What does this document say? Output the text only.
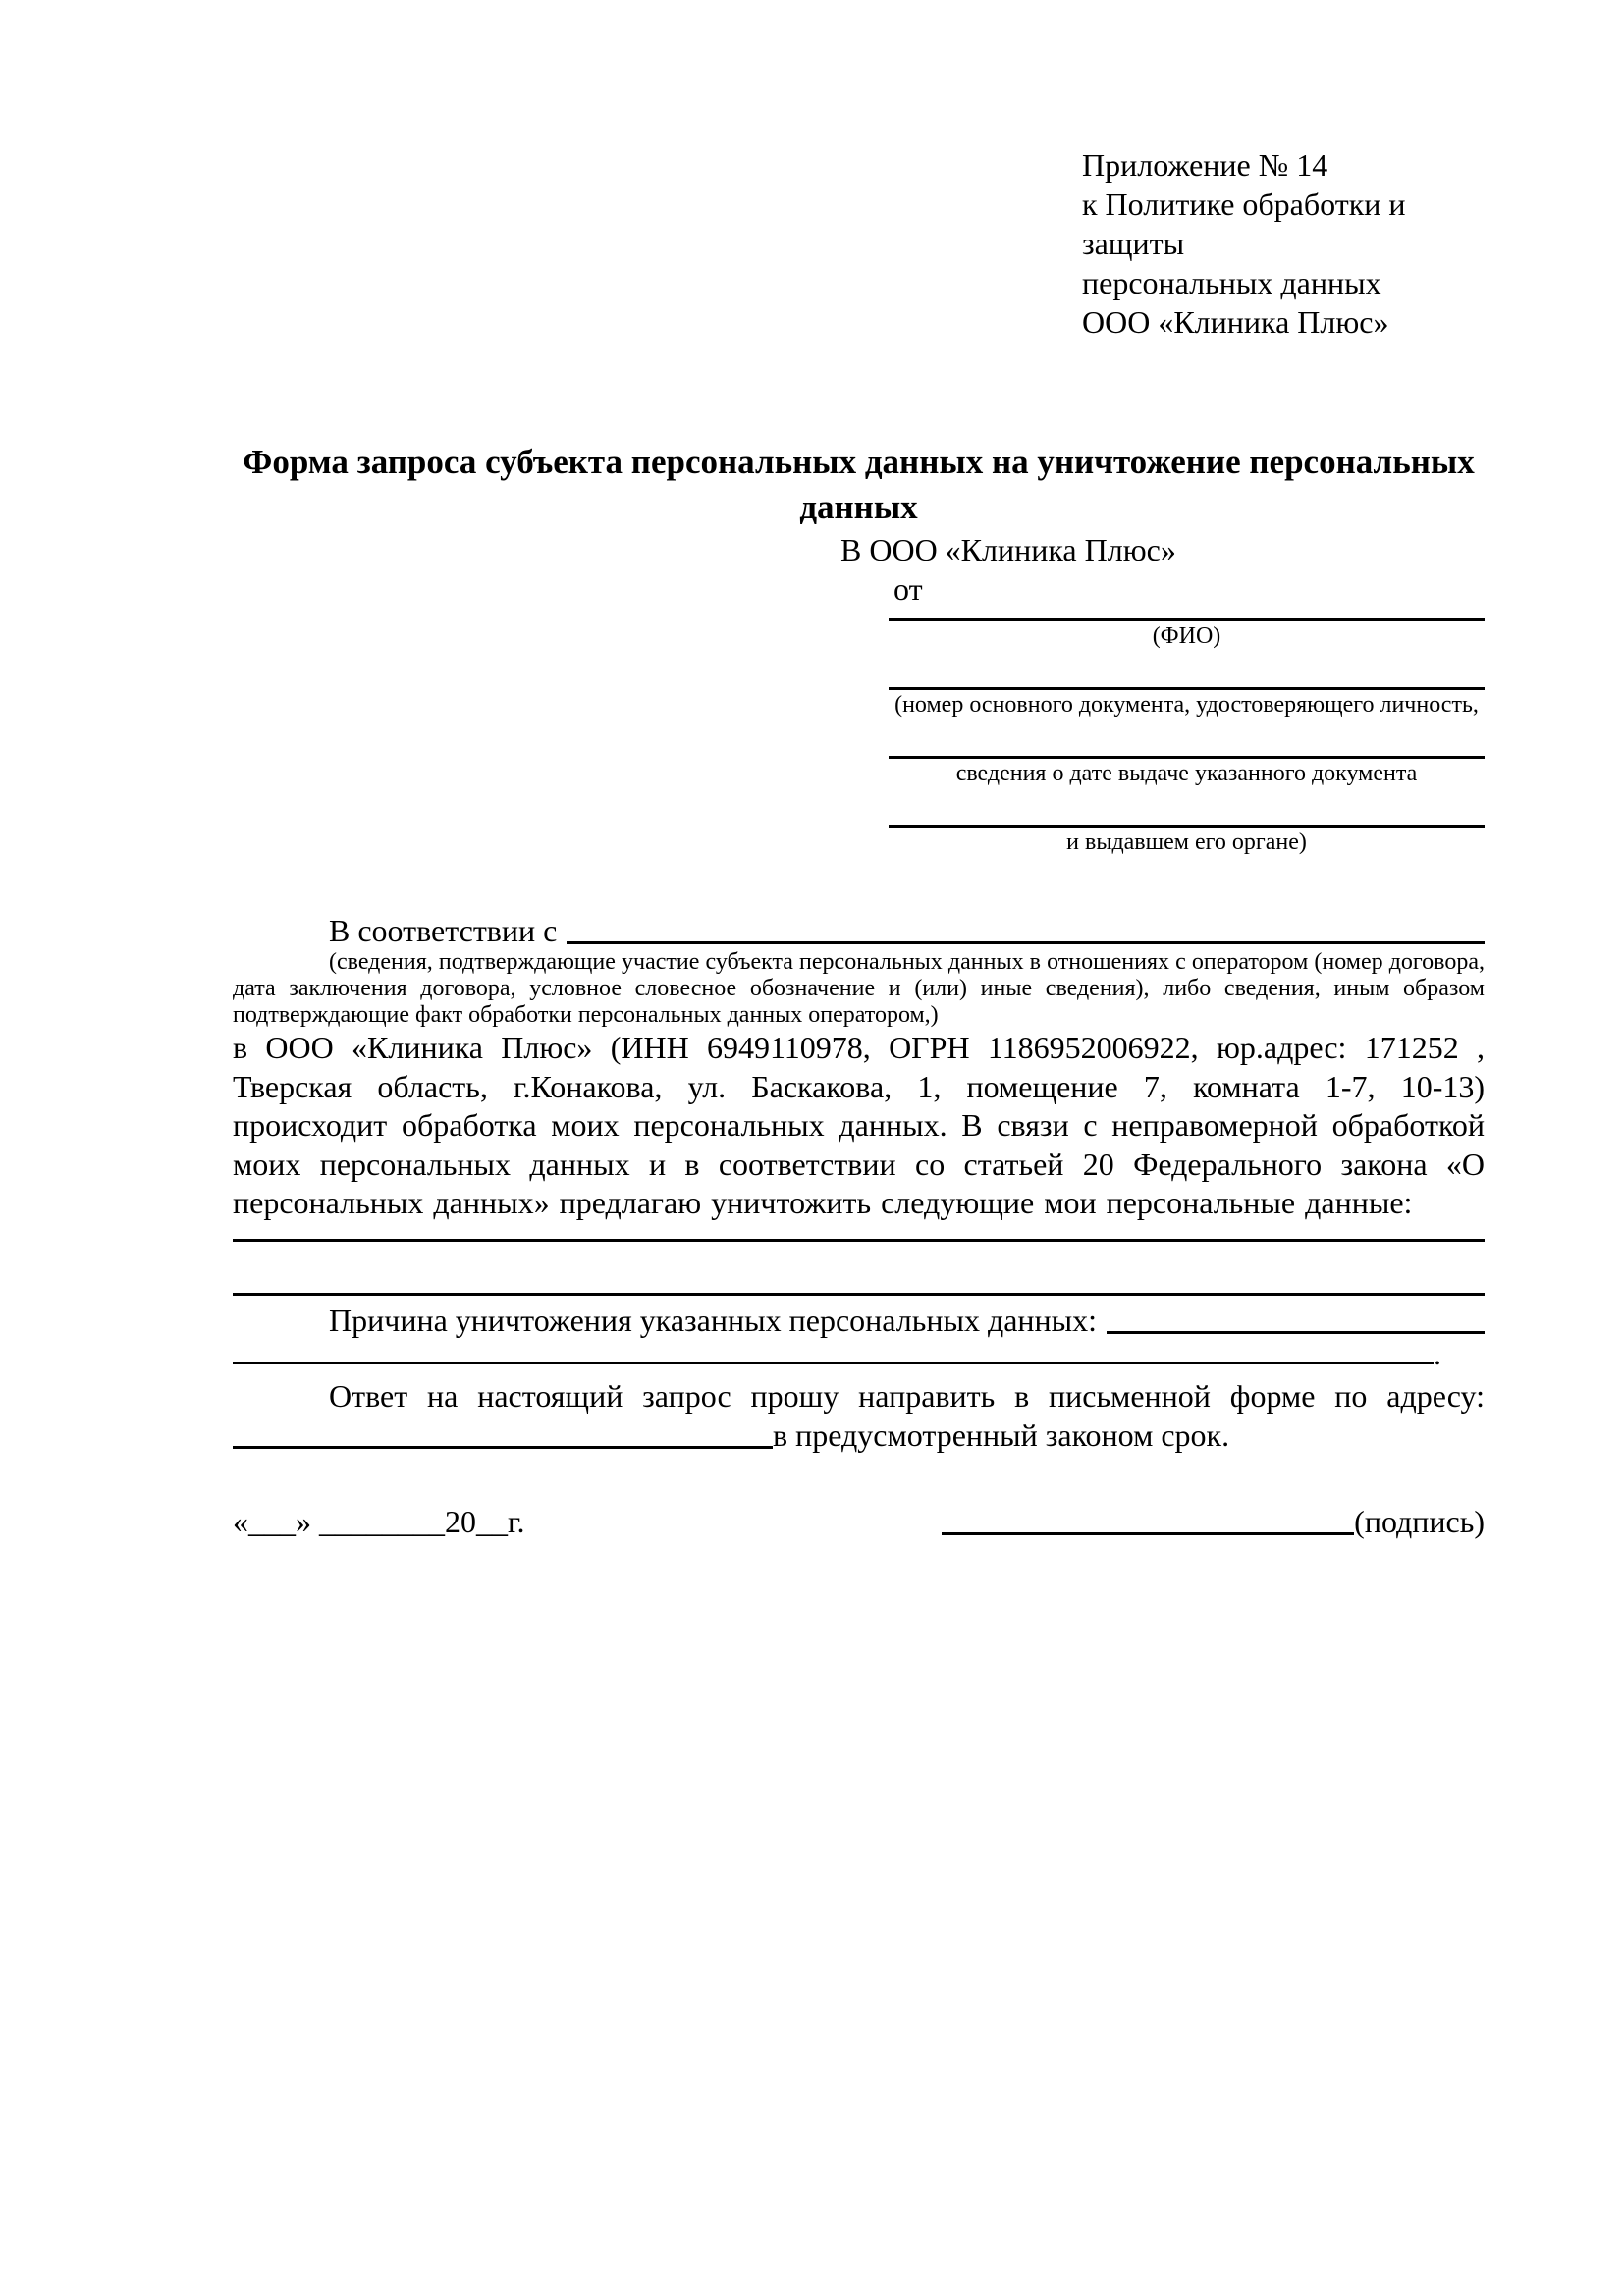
Приложение № 14
к Политике обработки и защиты
персональных данных
ООО «Клиника Плюс»
Форма запроса субъекта персональных данных на уничтожение персональных данных
В ООО «Клиника Плюс»
от
(ФИО)
(номер основного документа, удостоверяющего личность,
сведения о дате выдаче указанного документа
и выдавшем его органе)
В соответствии с
(сведения, подтверждающие участие субъекта персональных данных в отношениях с оператором (номер договора, дата заключения договора, условное словесное обозначение и (или) иные сведения), либо сведения, иным образом подтверждающие факт обработки персональных данных оператором,)
в ООО «Клиника Плюс» (ИНН 6949110978, ОГРН 1186952006922, юр.адрес: 171252 , Тверская область, г.Конакова, ул. Баскакова, 1, помещение 7, комната 1-7, 10-13) происходит обработка моих персональных данных. В связи с неправомерной обработкой моих персональных данных и в соответствии со статьей 20 Федерального закона «О персональных данных» предлагаю уничтожить следующие мои персональные данные:
Причина уничтожения указанных персональных данных:
.
Ответ на настоящий запрос прошу направить в письменной форме по адресу:
в предусмотренный законом срок.
«___» ________20__г.	(подпись)
